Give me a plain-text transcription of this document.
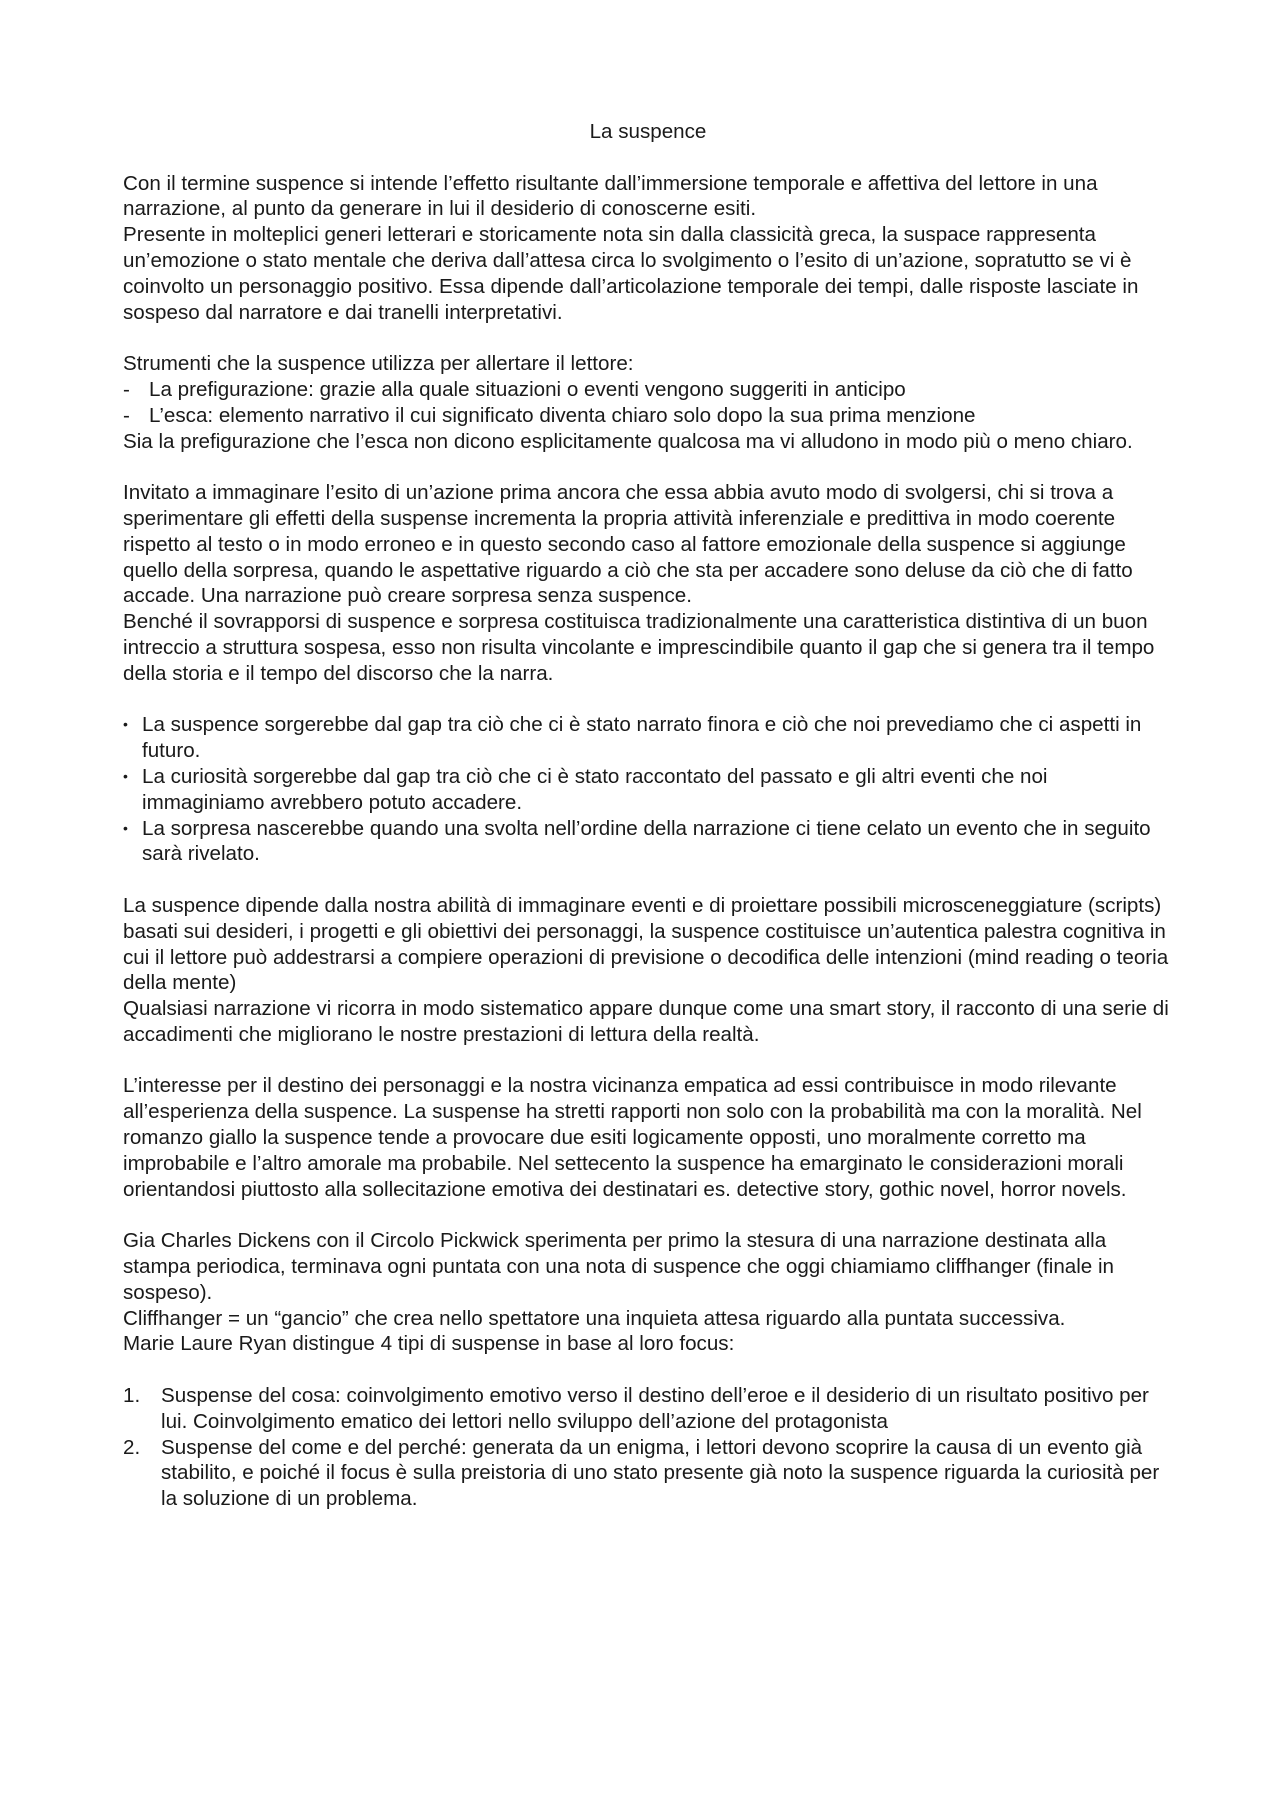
La suspence

Con il termine suspence si intende l’effetto risultante dall’immersione temporale e affettiva del lettore in una narrazione, al punto da generare in lui il desiderio di conoscerne esiti.

Presente in molteplici generi letterari e storicamente nota sin dalla classicità greca, la suspace rappresenta un’emozione o stato mentale che deriva dall’attesa circa lo svolgimento o l’esito di un’azione, sopratutto se vi è coinvolto un personaggio positivo. Essa dipende dall’articolazione temporale dei tempi, dalle risposte lasciate in sospeso dal narratore e dai tranelli interpretativi.

Strumenti che la suspence utilizza per allertare il lettore:

- La prefigurazione: grazie alla quale situazioni o eventi vengono suggeriti in anticipo
- L’esca: elemento narrativo il cui significato diventa chiaro solo dopo la sua prima menzione

Sia la prefigurazione che l’esca non dicono esplicitamente qualcosa ma vi alludono in modo più o meno chiaro.

Invitato a immaginare l’esito di un’azione prima ancora che essa abbia avuto modo di svolgersi, chi si trova a sperimentare gli effetti della suspense incrementa la propria attività inferenziale e predittiva in modo coerente rispetto al testo o in modo erroneo e in questo secondo caso al fattore emozionale della suspence si aggiunge quello della sorpresa, quando le aspettative riguardo a ciò che sta per accadere sono deluse da ciò che di fatto accade. Una narrazione può creare sorpresa senza suspence.

Benché il sovrapporsi di suspence e sorpresa costituisca tradizionalmente una caratteristica distintiva di un buon intreccio a struttura sospesa, esso non risulta vincolante e imprescindibile quanto il gap che si genera tra il tempo della storia e il tempo del discorso che la narra.

• La suspence sorgerebbe dal gap tra ciò che ci è stato narrato finora e ciò che noi prevediamo che ci aspetti in futuro.
• La curiosità sorgerebbe dal gap tra ciò che ci è stato raccontato del passato e gli altri eventi che noi immaginiamo avrebbero potuto accadere.
• La sorpresa nascerebbe quando una svolta nell’ordine della narrazione ci tiene celato un evento che in seguito sarà rivelato.

La suspence dipende dalla nostra abilità di immaginare eventi e di proiettare possibili microsceneggiature (scripts) basati sui desideri, i progetti e gli obiettivi dei personaggi, la suspence costituisce un’autentica palestra cognitiva in cui il lettore può addestrarsi a compiere operazioni di previsione o decodifica delle intenzioni (mind reading o teoria della mente)

Qualsiasi narrazione vi ricorra in modo sistematico appare dunque come una smart story, il racconto di una serie di accadimenti che migliorano le nostre prestazioni di lettura della realtà.

L’interesse per il destino dei personaggi e la nostra vicinanza empatica ad essi contribuisce in modo rilevante all’esperienza della suspence. La suspense ha stretti rapporti non solo con la probabilità ma con la moralità. Nel romanzo giallo la suspence tende a provocare due esiti logicamente opposti, uno moralmente corretto ma improbabile e l’altro amorale ma probabile. Nel settecento la suspence ha emarginato le considerazioni morali orientandosi piuttosto alla sollecitazione emotiva dei destinatari es. detective story, gothic novel, horror novels.

Gia Charles Dickens con il Circolo Pickwick sperimenta per primo la stesura di una narrazione destinata alla stampa periodica, terminava ogni puntata con una nota di suspence che oggi chiamiamo cliffhanger (finale in sospeso).

Cliffhanger = un “gancio” che crea nello spettatore una inquieta attesa riguardo alla puntata successiva.

Marie Laure Ryan distingue 4 tipi di suspense in base al loro focus:

1.	Suspense del cosa: coinvolgimento emotivo verso il destino dell’eroe e il desiderio di un risultato positivo per lui. Coinvolgimento ematico dei lettori nello sviluppo dell’azione del protagonista
2.	Suspense del come e del perché: generata da un enigma, i lettori devono scoprire la causa di un evento già stabilito, e poiché il focus è sulla preistoria di uno stato presente già noto la suspence riguarda la curiosità per la soluzione di un problema.
